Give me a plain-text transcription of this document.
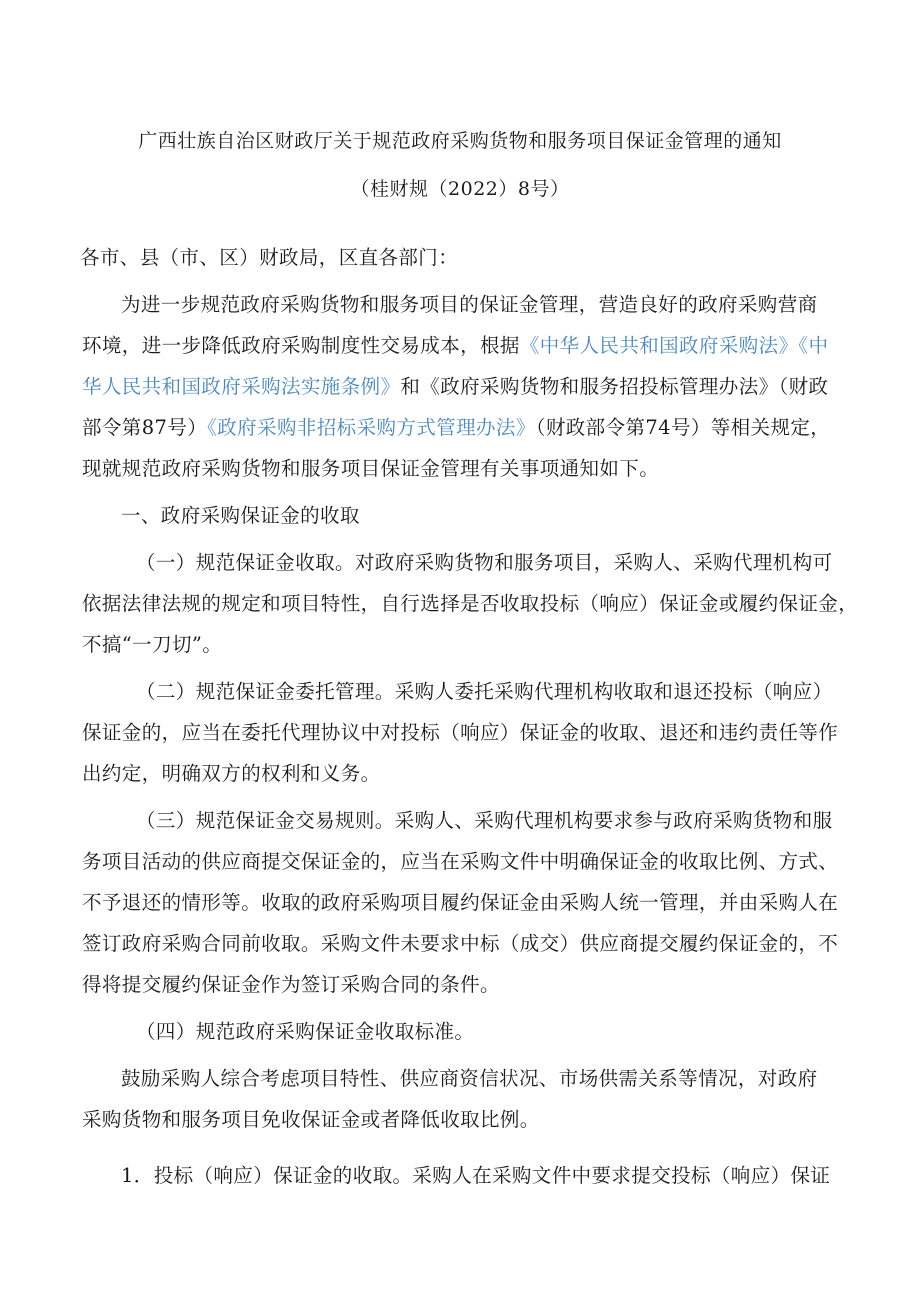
广西壮族自治区财政厅关于规范政府采购货物和服务项目保证金管理的通知
（桂财规（2022）8号）
各市、县（市、区）财政局，区直各部门：
为进一步规范政府采购货物和服务项目的保证金管理，营造良好的政府采购营商
环境，进一步降低政府采购制度性交易成本，根据《中华人民共和国政府采购法》《中
华人民共和国政府采购法实施条例》和《政府采购货物和服务招投标管理办法》（财政
部令第87号）《政府采购非招标采购方式管理办法》（财政部令第74号）等相关规定，
现就规范政府采购货物和服务项目保证金管理有关事项通知如下。
一、政府采购保证金的收取
（一）规范保证金收取。对政府采购货物和服务项目，采购人、采购代理机构可
依据法律法规的规定和项目特性，自行选择是否收取投标（响应）保证金或履约保证金，
不搞“一刀切”。
（二）规范保证金委托管理。采购人委托采购代理机构收取和退还投标（响应）
保证金的，应当在委托代理协议中对投标（响应）保证金的收取、退还和违约责任等作
出约定，明确双方的权利和义务。
（三）规范保证金交易规则。采购人、采购代理机构要求参与政府采购货物和服
务项目活动的供应商提交保证金的，应当在采购文件中明确保证金的收取比例、方式、
不予退还的情形等。收取的政府采购项目履约保证金由采购人统一管理，并由采购人在
签订政府采购合同前收取。采购文件未要求中标（成交）供应商提交履约保证金的，不
得将提交履约保证金作为签订采购合同的条件。
（四）规范政府采购保证金收取标准。
鼓励采购人综合考虑项目特性、供应商资信状况、市场供需关系等情况，对政府
采购货物和服务项目免收保证金或者降低收取比例。
1．投标（响应）保证金的收取。采购人在采购文件中要求提交投标（响应）保证
